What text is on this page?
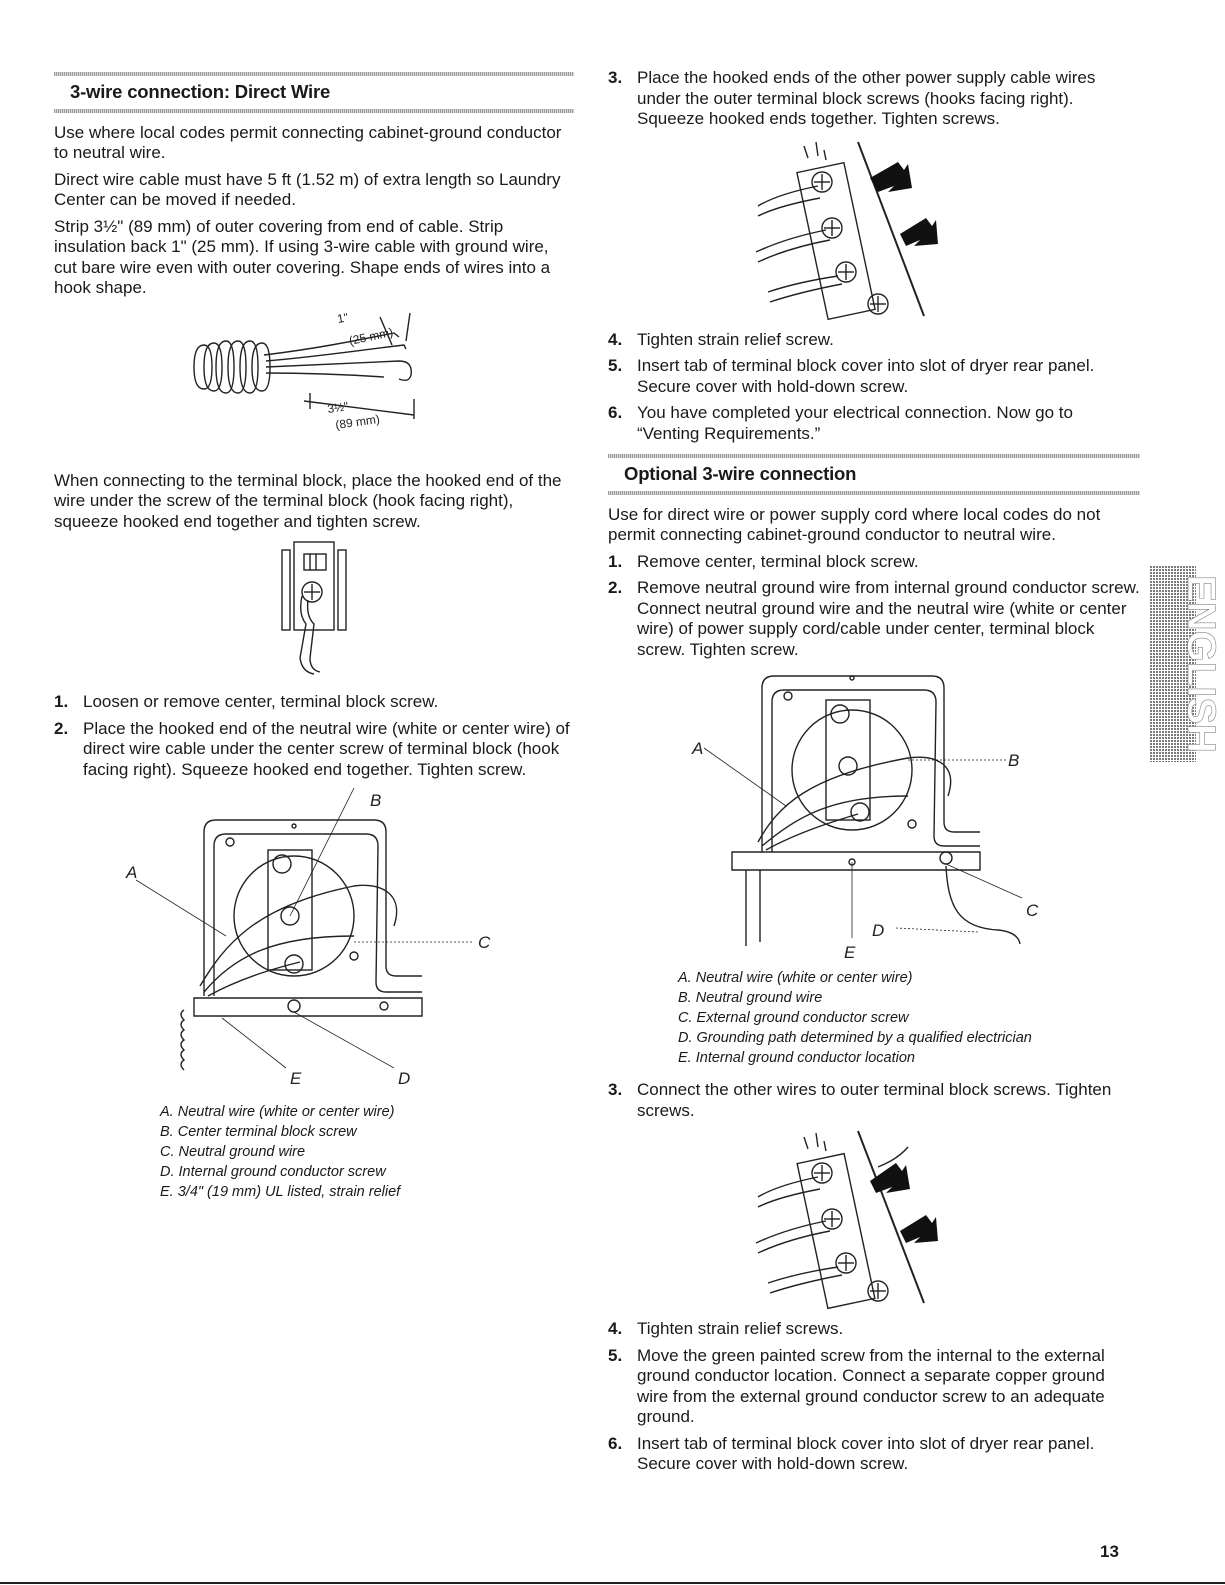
3-wire connection: Direct Wire

Use where local codes permit connecting cabinet-ground conductor to neutral wire.

Direct wire cable must have 5 ft (1.52 m) of extra length so Laundry Center can be moved if needed.

Strip 3½" (89 mm) of outer covering from end of cable. Strip insulation back 1" (25 mm). If using 3-wire cable with ground wire, cut bare wire even with outer covering. Shape ends of wires into a hook shape.

1"
(25 mm)
3½"
(89 mm)

When connecting to the terminal block, place the hooked end of the wire under the screw of the terminal block (hook facing right), squeeze hooked end together and tighten screw.

1. Loosen or remove center, terminal block screw.
2. Place the hooked end of the neutral wire (white or center wire) of direct wire cable under the center screw of terminal block (hook facing right). Squeeze hooked end together. Tighten screw.
B
A
C
E	D
A. Neutral wire (white or center wire)
B. Center terminal block screw
C. Neutral ground wire
D. Internal ground conductor screw
E. 3/4" (19 mm) UL listed, strain relief
3. Place the hooked ends of the other power supply cable wires under the outer terminal block screws (hooks facing right). Squeeze hooked ends together. Tighten screws.
4. Tighten strain relief screw.
5. Insert tab of terminal block cover into slot of dryer rear panel. Secure cover with hold-down screw.
6. You have completed your electrical connection. Now go to “Venting Requirements.”
Optional 3-wire connection

Use for direct wire or power supply cord where local codes do not permit connecting cabinet-ground conductor to neutral wire.

1. Remove center, terminal block screw.
2. Remove neutral ground wire from internal ground conductor screw. Connect neutral ground wire and the neutral wire (white or center wire) of power supply cord/cable under center, terminal block screw. Tighten screw.
A
B
C
D
E
A. Neutral wire (white or center wire)
B. Neutral ground wire
C. External ground conductor screw
D. Grounding path determined by a qualified electrician
E. Internal ground conductor location
3. Connect the other wires to outer terminal block screws. Tighten screws.
4. Tighten strain relief screws.
5. Move the green painted screw from the internal to the external ground conductor location. Connect a separate copper ground wire from the external ground conductor screw to an adequate ground.
6. Insert tab of terminal block cover into slot of dryer rear panel. Secure cover with hold-down screw.
ENGLISH
13
